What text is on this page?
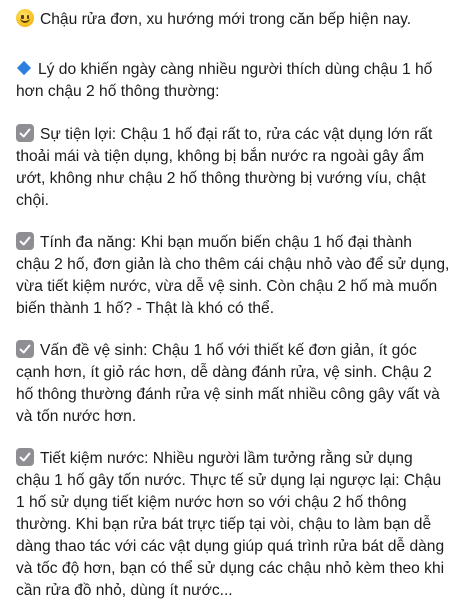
Chậu rửa đơn, xu hướng mới trong căn bếp hiện nay.

Lý do khiến ngày càng nhiều người thích dùng chậu 1 hố hơn chậu 2 hố thông thường:

Sự tiện lợi: Chậu 1 hố đại rất to, rửa các vật dụng lớn rất thoải mái và tiện dụng, không bị bắn nước ra ngoài gây ẩm ướt, không như chậu 2 hố thông thường bị vướng víu, chật chội.

Tính đa năng: Khi bạn muốn biến chậu 1 hố đại thành chậu 2 hố, đơn giản là cho thêm cái chậu nhỏ vào để sử dụng, vừa tiết kiệm nước, vừa dễ vệ sinh. Còn chậu 2 hố mà muốn biến thành 1 hố? - Thật là khó có thể.

Vấn đề vệ sinh: Chậu 1 hố với thiết kế đơn giản, ít góc cạnh hơn, ít giỏ rác hơn, dễ dàng đánh rửa, vệ sinh. Chậu 2 hố thông thường đánh rửa vệ sinh mất nhiều công gây vất và và tốn nước hơn.

Tiết kiệm nước: Nhiều người lầm tưởng rằng sử dụng chậu 1 hố gây tốn nước. Thực tế sử dụng lại ngược lại: Chậu 1 hố sử dụng tiết kiệm nước hơn so với chậu 2 hố thông thường. Khi bạn rửa bát trực tiếp tại vòi, chậu to làm bạn dễ dàng thao tác với các vật dụng giúp quá trình rửa bát dễ dàng và tốc độ hơn, bạn có thể sử dụng các chậu nhỏ kèm theo khi cần rửa đồ nhỏ, dùng ít nước...
